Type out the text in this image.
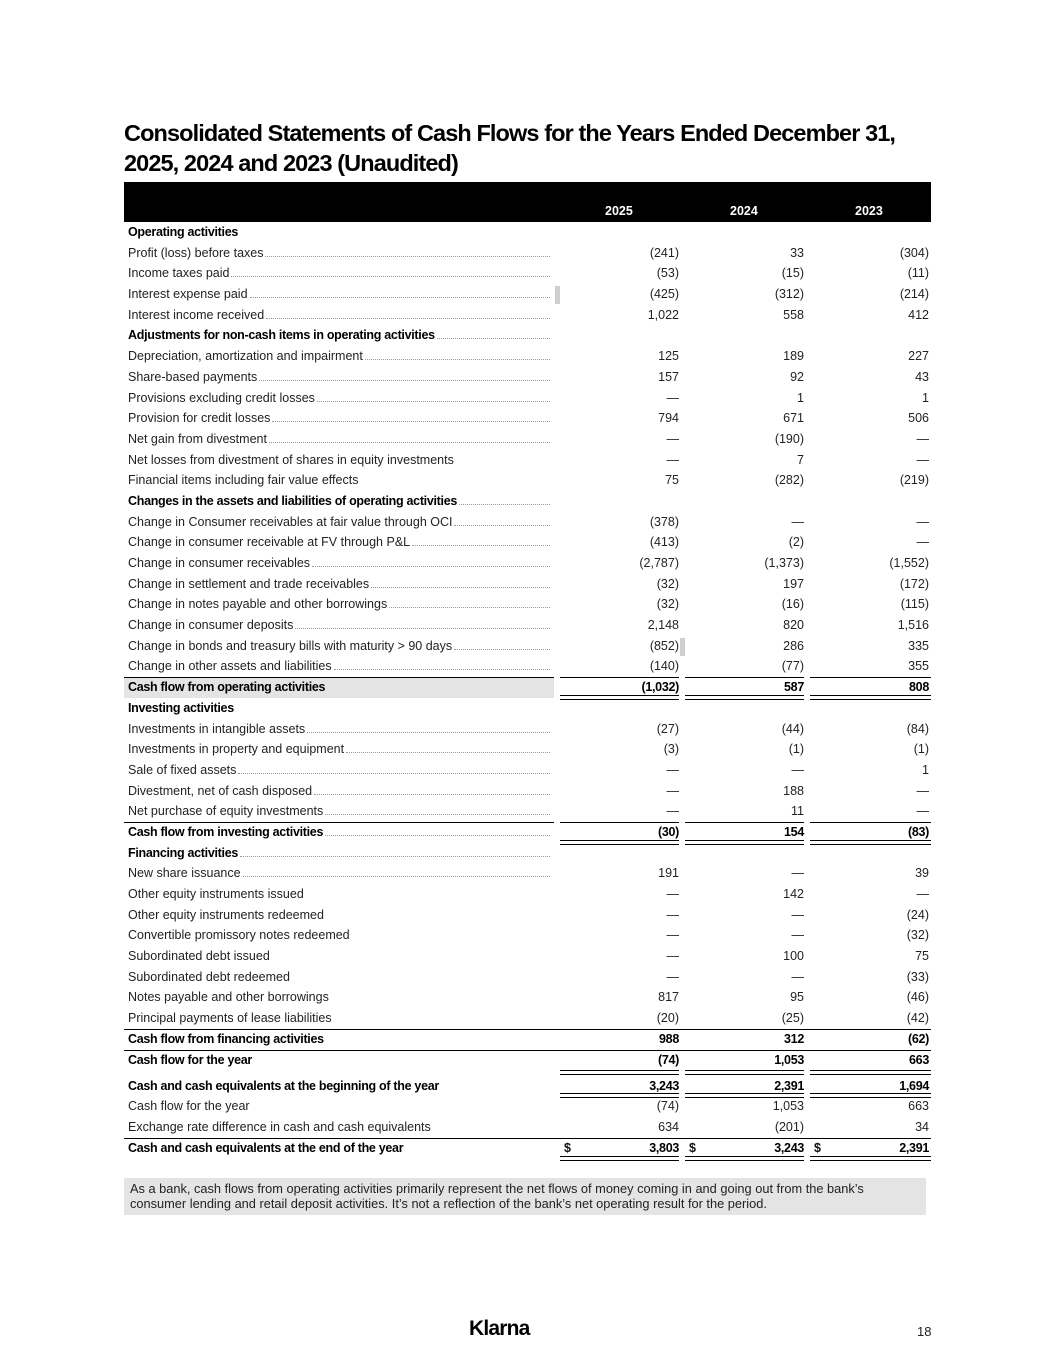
Consolidated Statements of Cash Flows for the Years Ended December 31,
2025, 2024 and 2023 (Unaudited)
2025	2024	2023
Operating activities
Profit (loss) before taxes	(241)	33	(304)
Income taxes paid	(53)	(15)	(11)
Interest expense paid	(425)	(312)	(214)
Interest income received	1,022	558	412
Adjustments for non-cash items in operating activities
Depreciation, amortization and impairment	125	189	227
Share-based payments	157	92	43
Provisions excluding credit losses	—	1	1
Provision for credit losses	794	671	506
Net gain from divestment	—	(190)	—
Net losses from divestment of shares in equity investments	—	7	—
Financial items including fair value effects	75	(282)	(219)
Changes in the assets and liabilities of operating activities
Change in Consumer receivables at fair value through OCI	(378)	—	—
Change in consumer receivable at FV through P&L	(413)	(2)	—
Change in consumer receivables	(2,787)	(1,373)	(1,552)
Change in settlement and trade receivables	(32)	197	(172)
Change in notes payable and other borrowings	(32)	(16)	(115)
Change in consumer deposits	2,148	820	1,516
Change in bonds and treasury bills with maturity > 90 days	(852)	286	335
Change in other assets and liabilities	(140)	(77)	355
Cash flow from operating activities	(1,032)	587	808
Investing activities
Investments in intangible assets	(27)	(44)	(84)
Investments in property and equipment	(3)	(1)	(1)
Sale of fixed assets	—	—	1
Divestment, net of cash disposed	—	188	—
Net purchase of equity investments	—	11	—
Cash flow from investing activities	(30)	154	(83)
Financing activities
New share issuance	191	—	39
Other equity instruments issued	—	142	—
Other equity instruments redeemed	—	—	(24)
Convertible promissory notes redeemed	—	—	(32)
Subordinated debt issued	—	100	75
Subordinated debt redeemed	—	—	(33)
Notes payable and other borrowings	817	95	(46)
Principal payments of lease liabilities	(20)	(25)	(42)
Cash flow from financing activities	988	312	(62)
Cash flow for the year	(74)	1,053	663
Cash and cash equivalents at the beginning of the year	3,243	2,391	1,694
Cash flow for the year	(74)	1,053	663
Exchange rate difference in cash and cash equivalents	634	(201)	34
Cash and cash equivalents at the end of the year	$	3,803 $	3,243 $	2,391
As a bank, cash flows from operating activities primarily represent the net flows of money coming in and going out from the bank’s consumer lending and retail deposit activities. It’s not a reflection of the bank’s net operating result for the period.
Klarna	18
